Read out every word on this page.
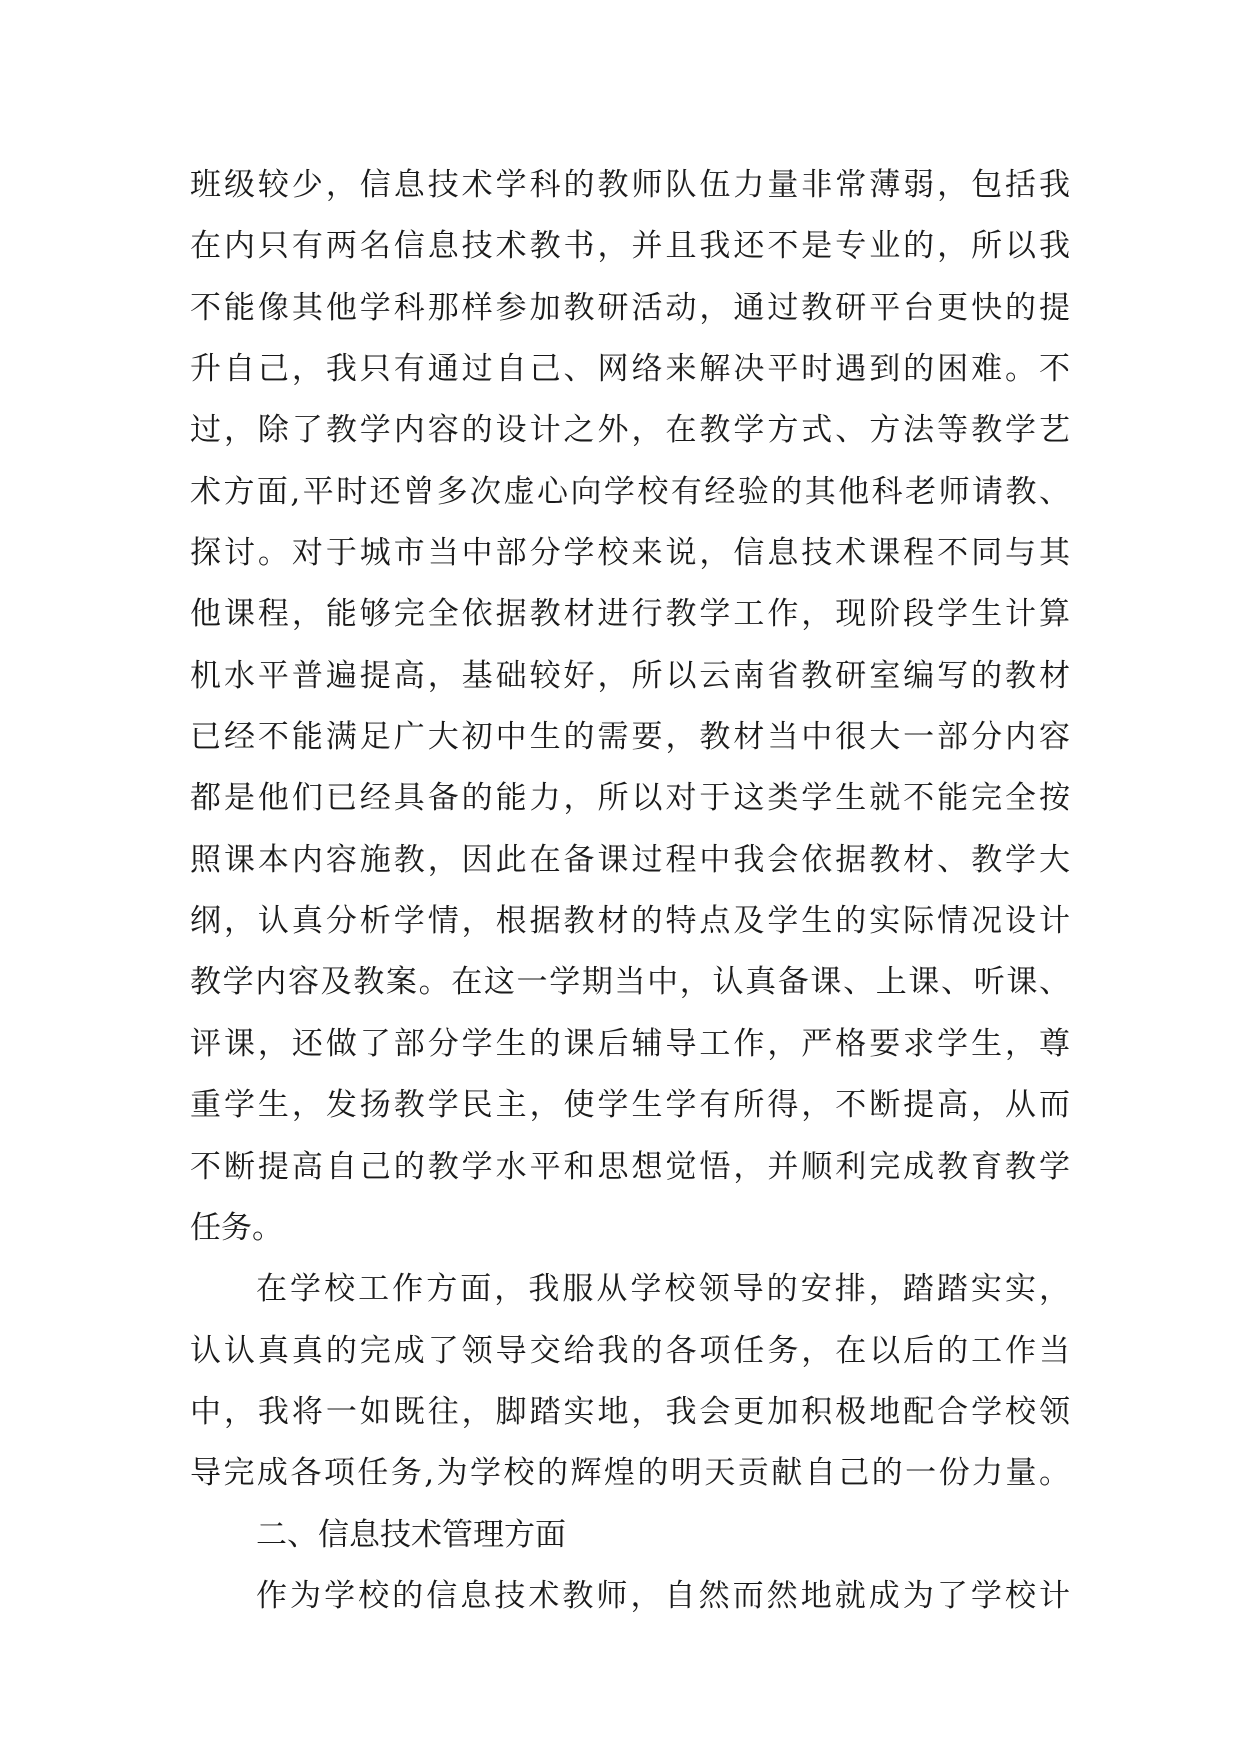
班级较少，信息技术学科的教师队伍力量非常薄弱，包括我
在内只有两名信息技术教书，并且我还不是专业的，所以我
不能像其他学科那样参加教研活动，通过教研平台更快的提
升自己，我只有通过自己、网络来解决平时遇到的困难。不
过，除了教学内容的设计之外，在教学方式、方法等教学艺
术方面,平时还曾多次虚心向学校有经验的其他科老师请教、
探讨。对于城市当中部分学校来说，信息技术课程不同与其
他课程，能够完全依据教材进行教学工作，现阶段学生计算
机水平普遍提高，基础较好，所以云南省教研室编写的教材
已经不能满足广大初中生的需要，教材当中很大一部分内容
都是他们已经具备的能力，所以对于这类学生就不能完全按
照课本内容施教，因此在备课过程中我会依据教材、教学大
纲，认真分析学情，根据教材的特点及学生的实际情况设计
教学内容及教案。在这一学期当中，认真备课、上课、听课、
评课，还做了部分学生的课后辅导工作，严格要求学生，尊
重学生，发扬教学民主，使学生学有所得，不断提高，从而
不断提高自己的教学水平和思想觉悟，并顺利完成教育教学
任务。
在学校工作方面，我服从学校领导的安排，踏踏实实，
认认真真的完成了领导交给我的各项任务，在以后的工作当
中，我将一如既往，脚踏实地，我会更加积极地配合学校领
导完成各项任务,为学校的辉煌的明天贡献自己的一份力量。
二、信息技术管理方面
作为学校的信息技术教师，自然而然地就成为了学校计
